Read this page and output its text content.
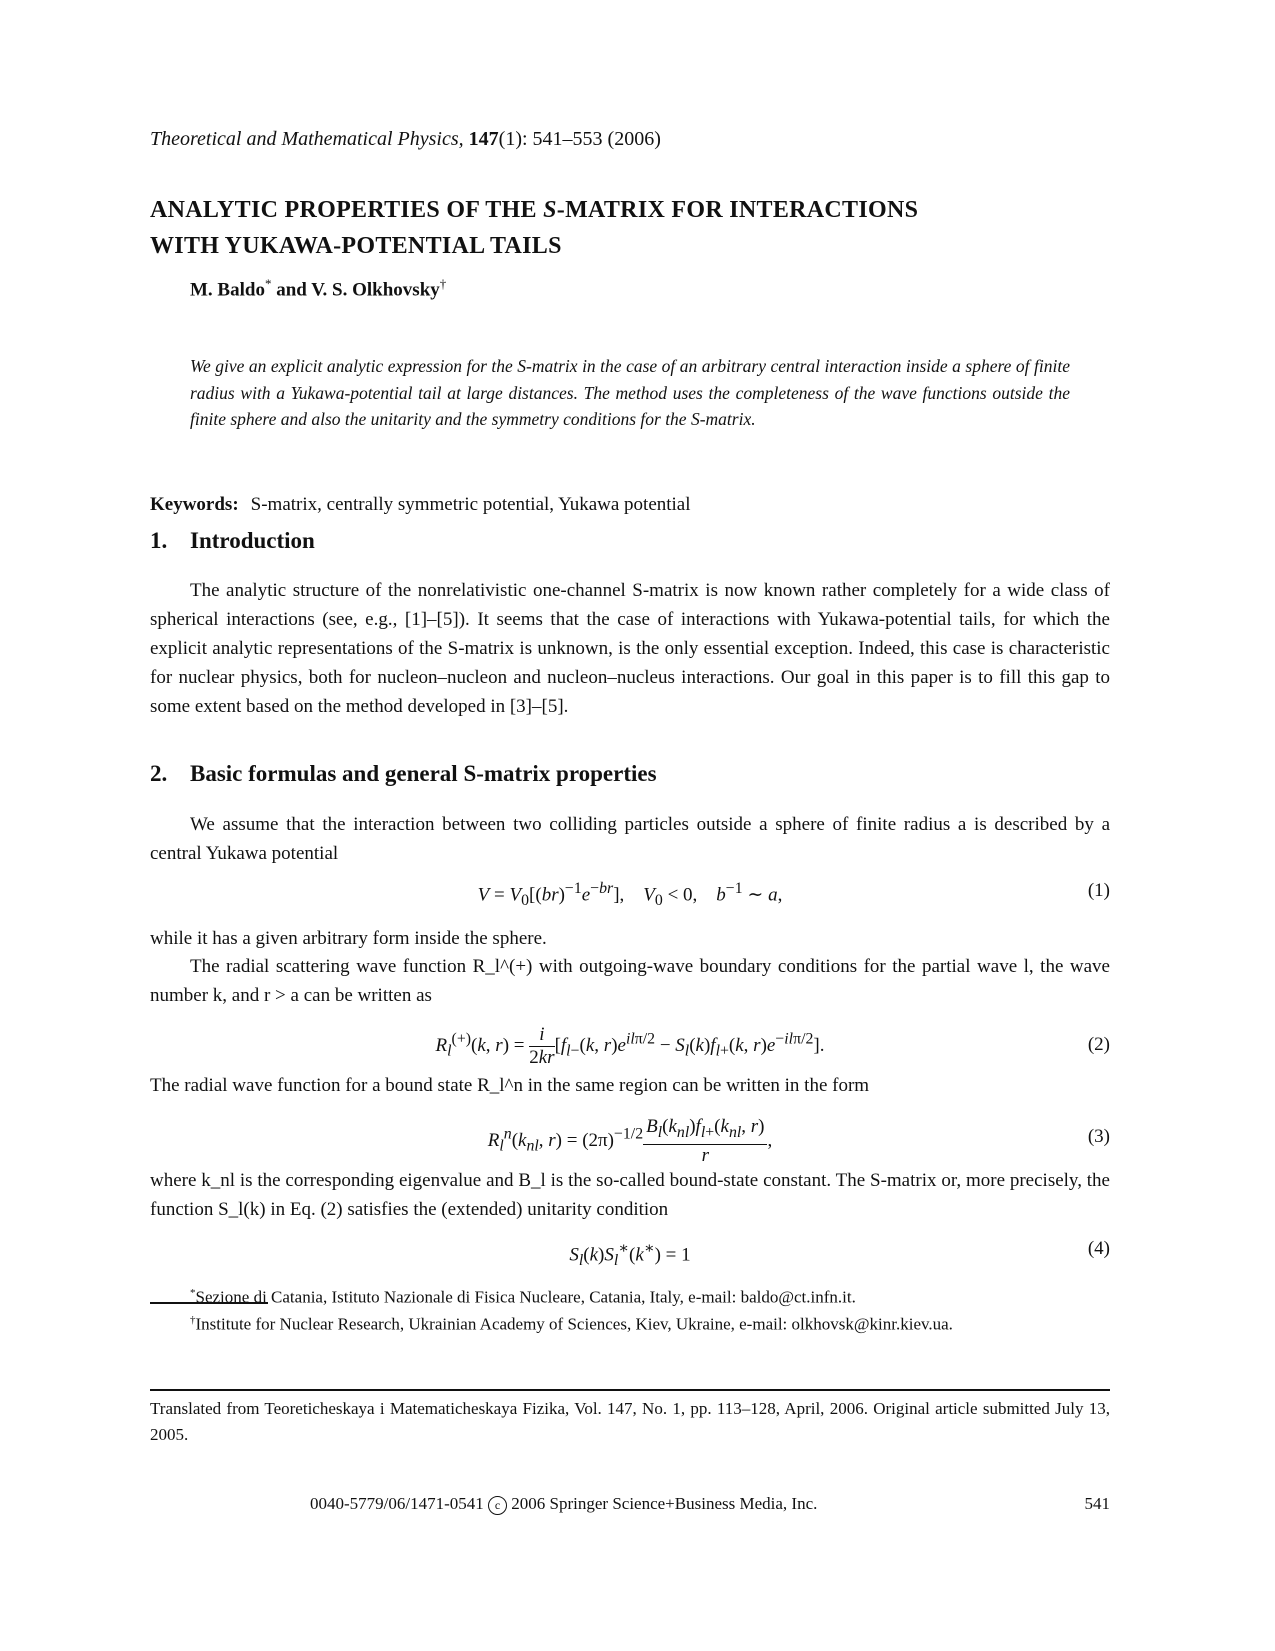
Theoretical and Mathematical Physics, 147(1): 541–553 (2006)
ANALYTIC PROPERTIES OF THE S-MATRIX FOR INTERACTIONS
WITH YUKAWA-POTENTIAL TAILS
M. Baldo* and V. S. Olkhovsky†
We give an explicit analytic expression for the S-matrix in the case of an arbitrary central interaction inside a sphere of finite radius with a Yukawa-potential tail at large distances. The method uses the completeness of the wave functions outside the finite sphere and also the unitarity and the symmetry conditions for the S-matrix.
Keywords: S-matrix, centrally symmetric potential, Yukawa potential
1. Introduction
The analytic structure of the nonrelativistic one-channel S-matrix is now known rather completely for a wide class of spherical interactions (see, e.g., [1]–[5]). It seems that the case of interactions with Yukawa-potential tails, for which the explicit analytic representations of the S-matrix is unknown, is the only essential exception. Indeed, this case is characteristic for nuclear physics, both for nucleon–nucleon and nucleon–nucleus interactions. Our goal in this paper is to fill this gap to some extent based on the method developed in [3]–[5].
2. Basic formulas and general S-matrix properties
We assume that the interaction between two colliding particles outside a sphere of finite radius a is described by a central Yukawa potential
$V = V_0[(br)^{-1}e^{-br}]$,    $V_0 < 0$,    $b^{-1}$ ∼ a,	(1)
while it has a given arbitrary form inside the sphere.
The radial scattering wave function R_l^(+) with outgoing-wave boundary conditions for the partial wave l, the wave number k, and r > a can be written as
$R_l^{(+)}(k$, $r) = \frac{i}{2kr} [f_{l-}(k$, $r)e^{il\pi/2} - S_l(k)f_{l+}(k$, $r)e^{-il\pi/2}$].	(2)
The radial wave function for a bound state R_l^n in the same region can be written in the form
$R_l^n(k_{nl}$, $r) = (2\pi)^{-1/2} \frac{B_l(k_{nl})f_{l+}(k_{nl}, r)}{r}$ ,	(3)
where k_nl is the corresponding eigenvalue and B_l is the so-called bound-state constant. The S-matrix or, more precisely, the function S_l(k) in Eq. (2) satisfies the (extended) unitarity condition
$S_l(k)S_l^∗(k^∗) = 1$	(4)
*Sezione di Catania, Istituto Nazionale di Fisica Nucleare, Catania, Italy, e-mail: baldo@ct.infn.it.
†Institute for Nuclear Research, Ukrainian Academy of Sciences, Kiev, Ukraine, e-mail: olkhovsk@kinr.kiev.ua.
Translated from Teoreticheskaya i Matematicheskaya Fizika, Vol. 147, No. 1, pp. 113–128, April, 2006. Original article submitted July 13, 2005.
0040-5779/06/1471-0541 c 2006 Springer Science+Business Media, Inc.	541
